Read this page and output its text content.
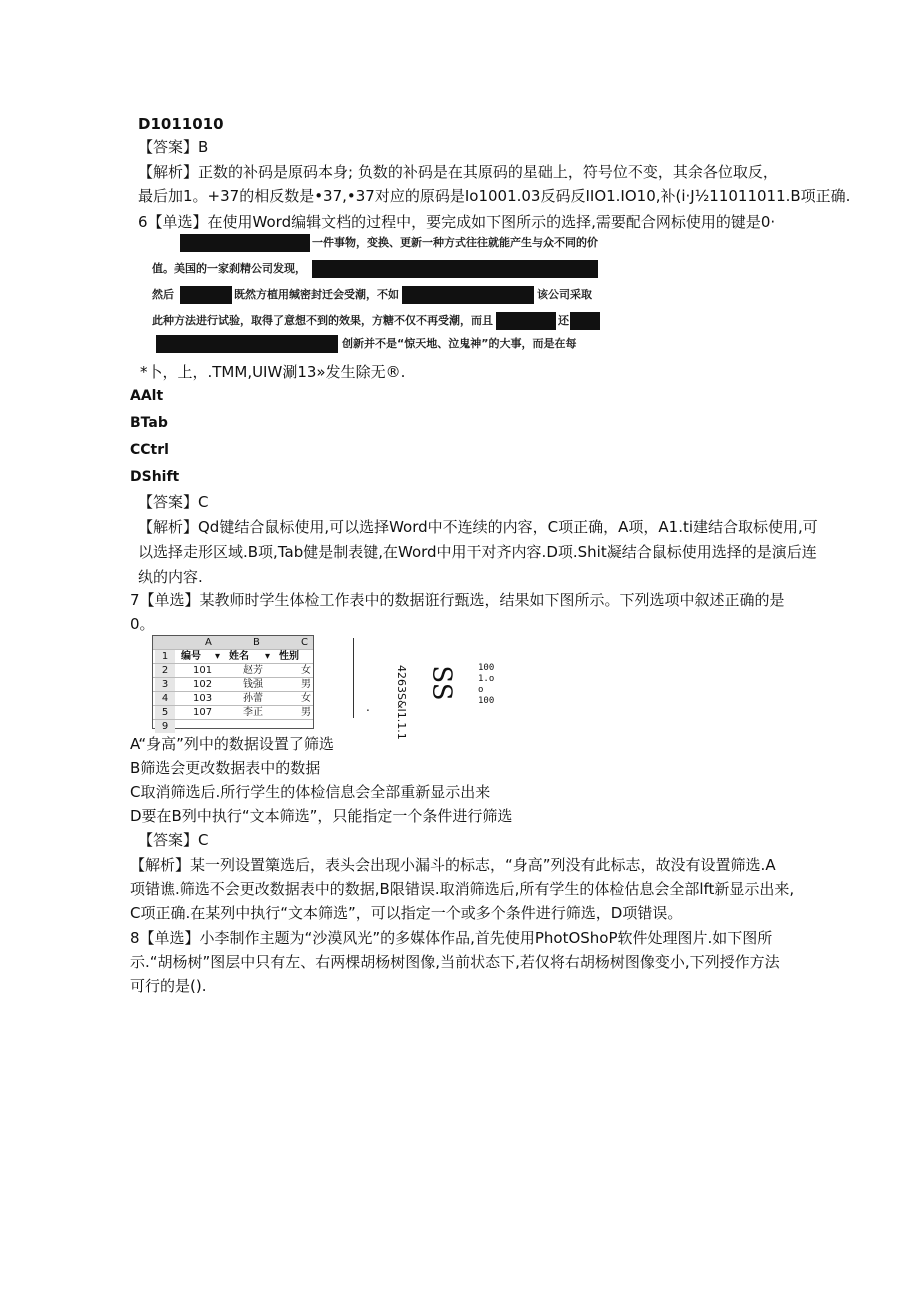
D1011010
【答案】B
【解析】正数的补码是原码本身; 负数的补码是在其原码的星础上，符号位不变，其余各位取反，
最后加1。+37的相反数是•37,•37对应的原码是Io1001.03反码反IIO1.IO10,补(i·J½11011011.B项正确.
6【单选】在使用Word编辑文档的过程中，要完成如下图所示的选择,需要配合网标使用的键是0·
一件事物，变换、更新一种方式往往就能产生与众不同的价
值。美国的一家刹精公司发现，
然后	既然方植用缄密封迁会受潮，不如	该公司采取
此种方法进行试验，取得了意想不到的效果，方糖不仅不再受潮，而且	还
创新并不是“惊天地、泣鬼神”的大事，而是在每
*卜，上，.TMM,UIW涮13»发生除无®.
AAlt
BTab
CCtrl
DShift
【答案】C
【解析】Qd键结合鼠标使用,可以选择Word中不连续的内容，C项正确，A项，A1.ti建结合取标使用,可
以选择走形区域.B项,Tab健是制表键,在Word中用干对齐内容.D项.Shit凝结合鼠标使用选择的是演后连
纨的内容.
7【单选】某教师时学生体检工作表中的数据诳行甄选，结果如下图所示。下列选项中叙述正确的是
0。
A	B	C
1	编号 ▾ 姓名 ▾ 性别
2	101	赵芳	女
3	102	钱强	男
4	103	孙蕾	女
5	107	李正	男
9
. 4263S&I1.1.1 SS 100
1.o
o
100
A“身高”列中的数据设置了筛选
B筛选会更改数据表中的数据
C取消筛选后.所行学生的体检信息会全部重新显示出来
D要在B列中执行“文本筛选”，只能指定一个条件进行筛选
【答案】C
【解析】某一列设置篥选后，表头会出现小漏斗的标志，“身高”列没有此标志，故没有设置筛选.A
项错谯.筛选不会更改数据表中的数据,B限错误.取消筛选后,所有学生的体检估息会全部lft新显示出来,
C项正确.在某列中执行“文本筛选”，可以指定一个或多个条件进行筛选，D项错误。
8【单选】小李制作主题为“沙漠风光”的多媒体作品,首先使用PhotOShoP软件处理图片.如下图所
示.“胡杨树”图层中只有左、右两棵胡杨树图像,当前状态下,若仅将右胡杨树图像变小,下列授作方法
可行的是().
